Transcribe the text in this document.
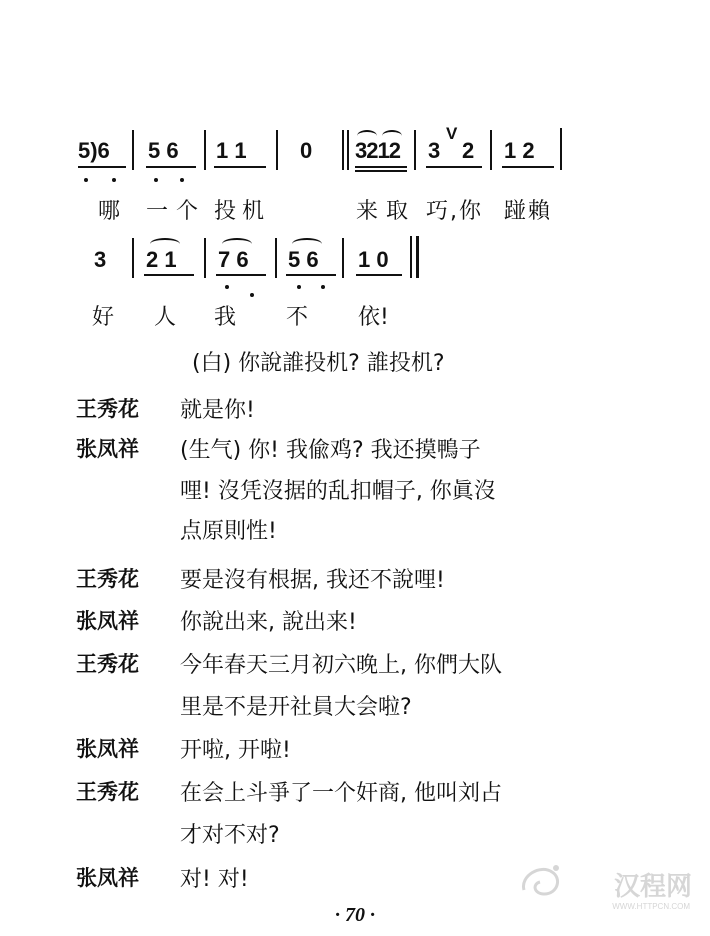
5)6 5 6 1 1 0 3212 3
V
2 1 2
哪 一个 投机	来取 巧,你 踫賴
3 2 1 7 6 5 6 1 0
好 人 我 不 依!
(白) 你說誰投机? 誰投机?
王秀花 就是你!
张凤祥 (生气) 你! 我偸鸡? 我还摸鴨子
哩! 沒凭沒据的乱扣帽子, 你眞沒
点原則性!
王秀花 要是沒有根据, 我还不說哩!
张凤祥 你說出来, 說出来!
王秀花 今年春天三月初六晚上, 你們大队
里是不是开社員大会啦?
张凤祥 开啦, 开啦!
王秀花 在会上斗爭了一个奸商, 他叫刘占
才对不对?
张凤祥 对! 对!
· 70 ·
汉程网
WWW.HTTPCN.COM
